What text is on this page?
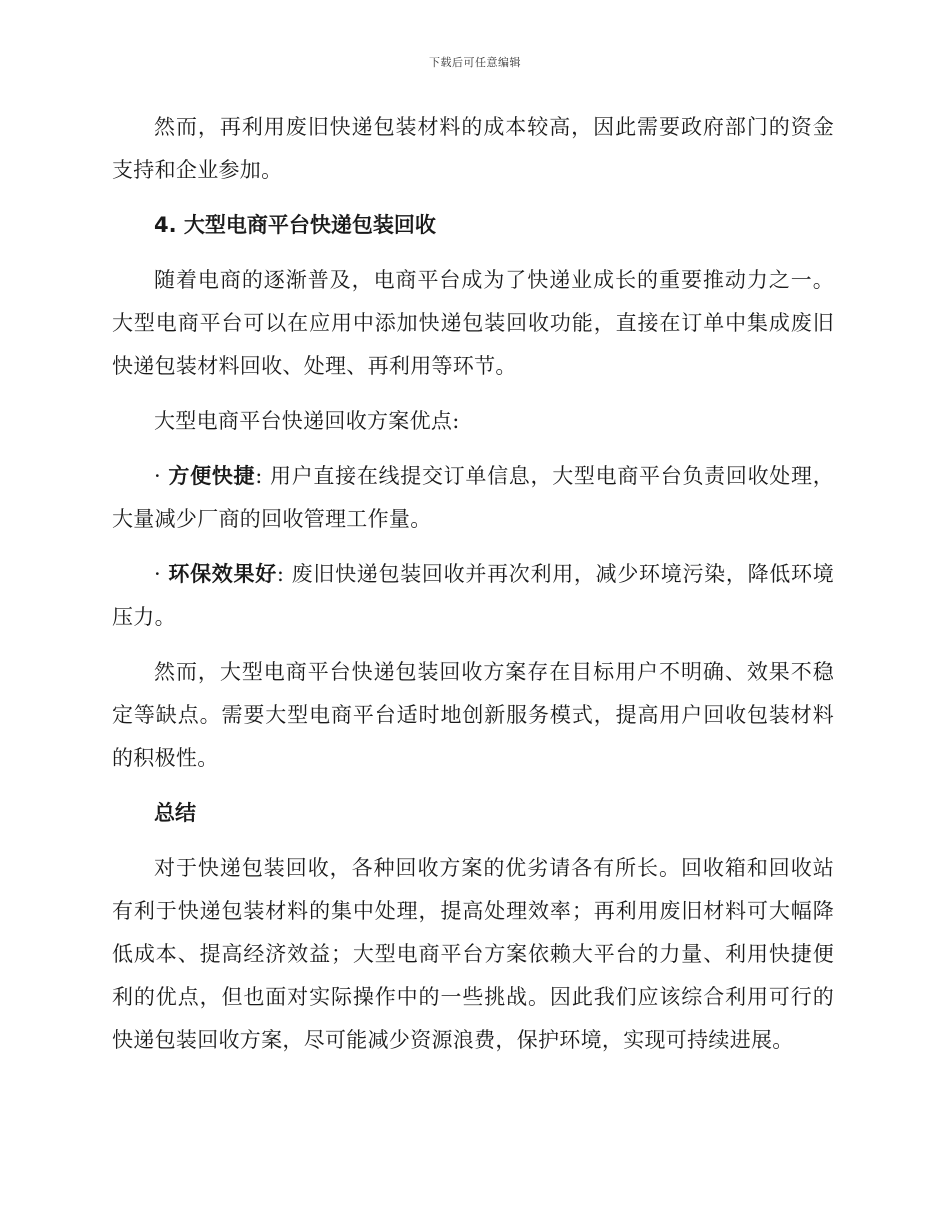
下载后可任意编辑

然而，再利用废旧快递包装材料的成本较高，因此需要政府部门的资金支持和企业参加。

4. 大型电商平台快递包装回收

随着电商的逐渐普及，电商平台成为了快递业成长的重要推动力之一。大型电商平台可以在应用中添加快递包装回收功能，直接在订单中集成废旧快递包装材料回收、处理、再利用等环节。

大型电商平台快递回收方案优点:

· 方便快捷: 用户直接在线提交订单信息，大型电商平台负责回收处理，大量减少厂商的回收管理工作量。

· 环保效果好: 废旧快递包装回收并再次利用，减少环境污染，降低环境压力。

然而，大型电商平台快递包装回收方案存在目标用户不明确、效果不稳定等缺点。需要大型电商平台适时地创新服务模式，提高用户回收包装材料的积极性。

总结

对于快递包装回收，各种回收方案的优劣请各有所长。回收箱和回收站有利于快递包装材料的集中处理，提高处理效率；再利用废旧材料可大幅降低成本、提高经济效益；大型电商平台方案依赖大平台的力量、利用快捷便利的优点，但也面对实际操作中的一些挑战。因此我们应该综合利用可行的快递包装回收方案，尽可能减少资源浪费，保护环境，实现可持续进展。
